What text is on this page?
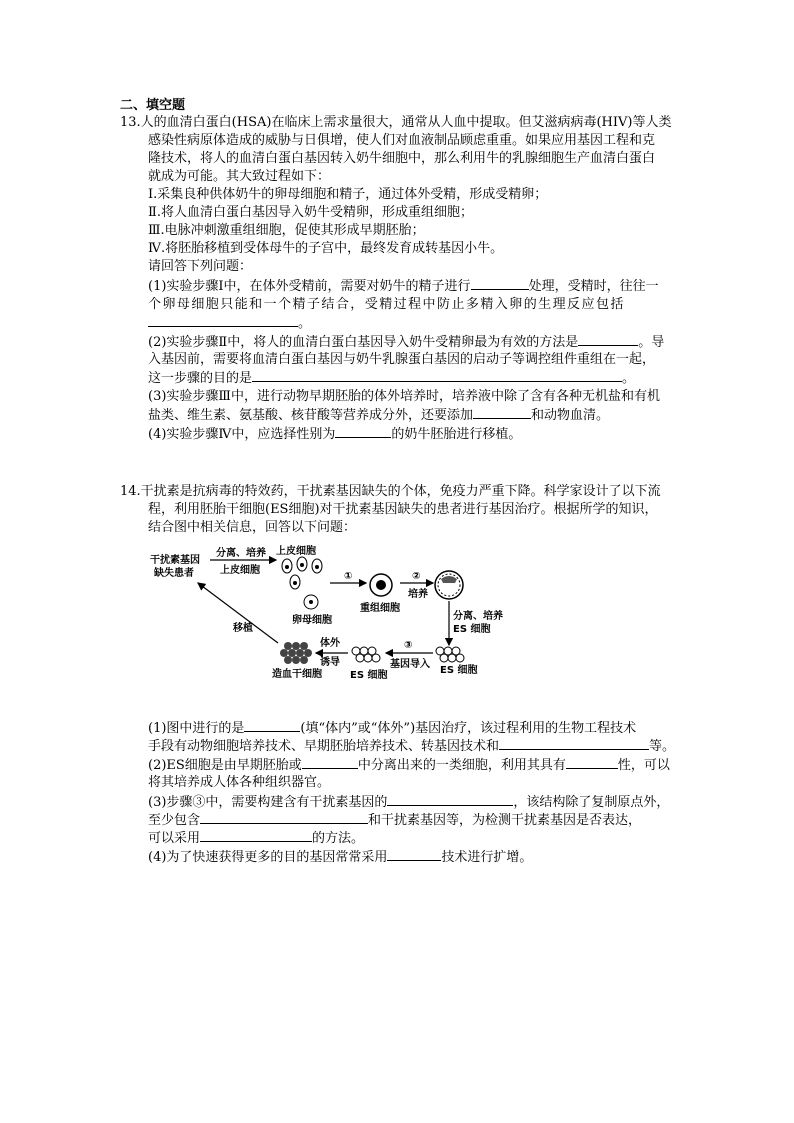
二、填空题
13.人的血清白蛋白(HSA)在临床上需求量很大，通常从人血中提取。但艾滋病病毒(HIV)等人类
感染性病原体造成的威胁与日俱增，使人们对血液制品顾虑重重。如果应用基因工程和克
隆技术，将人的血清白蛋白基因转入奶牛细胞中，那么利用牛的乳腺细胞生产血清白蛋白
就成为可能。其大致过程如下：
Ⅰ.采集良种供体奶牛的卵母细胞和精子，通过体外受精，形成受精卵；
Ⅱ.将人血清白蛋白基因导入奶牛受精卵，形成重组细胞；
Ⅲ.电脉冲刺激重组细胞，促使其形成早期胚胎；
Ⅳ.将胚胎移植到受体母牛的子宫中，最终发育成转基因小牛。
请回答下列问题：
(1)实验步骤Ⅰ中，在体外受精前，需要对奶牛的精子进行	处理，受精时，往往一
个卵母细胞只能和一个精子结合，受精过程中防止多精入卵的生理反应包括
。
(2)实验步骤Ⅱ中，将人的血清白蛋白基因导入奶牛受精卵最为有效的方法是	。导
入基因前，需要将血清白蛋白基因与奶牛乳腺蛋白基因的启动子等调控组件重组在一起，
这一步骤的目的是	。
(3)实验步骤Ⅲ中，进行动物早期胚胎的体外培养时，培养液中除了含有各种无机盐和有机
盐类、维生素、氨基酸、核苷酸等营养成分外，还要添加	和动物血清。
(4)实验步骤Ⅳ中，应选择性别为	的奶牛胚胎进行移植。
14.干扰素是抗病毒的特效药，干扰素基因缺失的个体，免疫力严重下降。科学家设计了以下流
程，利用胚胎干细胞(ES细胞)对干扰素基因缺失的患者进行基因治疗。根据所学的知识，
结合图中相关信息，回答以下问题：
干扰素基因
缺失患者
分离、培养
上皮细胞
上皮细胞
卵母细胞
①
重组细胞
②
培养
分离、培养
ES 细胞
ES 细胞
③
基因导入
ES 细胞
体外
诱导
造血干细胞
移植
(1)图中进行的是	(填“体内”或“体外”)基因治疗，该过程利用的生物工程技术
手段有动物细胞培养技术、早期胚胎培养技术、转基因技术和	等。
(2)ES细胞是由早期胚胎或	中分离出来的一类细胞，利用其具有	性，可以
将其培养成人体各种组织器官。
(3)步骤③中，需要构建含有干扰素基因的	，该结构除了复制原点外，
至少包含	和干扰素基因等，为检测干扰素基因是否表达，
可以采用	的方法。
(4)为了快速获得更多的目的基因常常采用	技术进行扩增。
